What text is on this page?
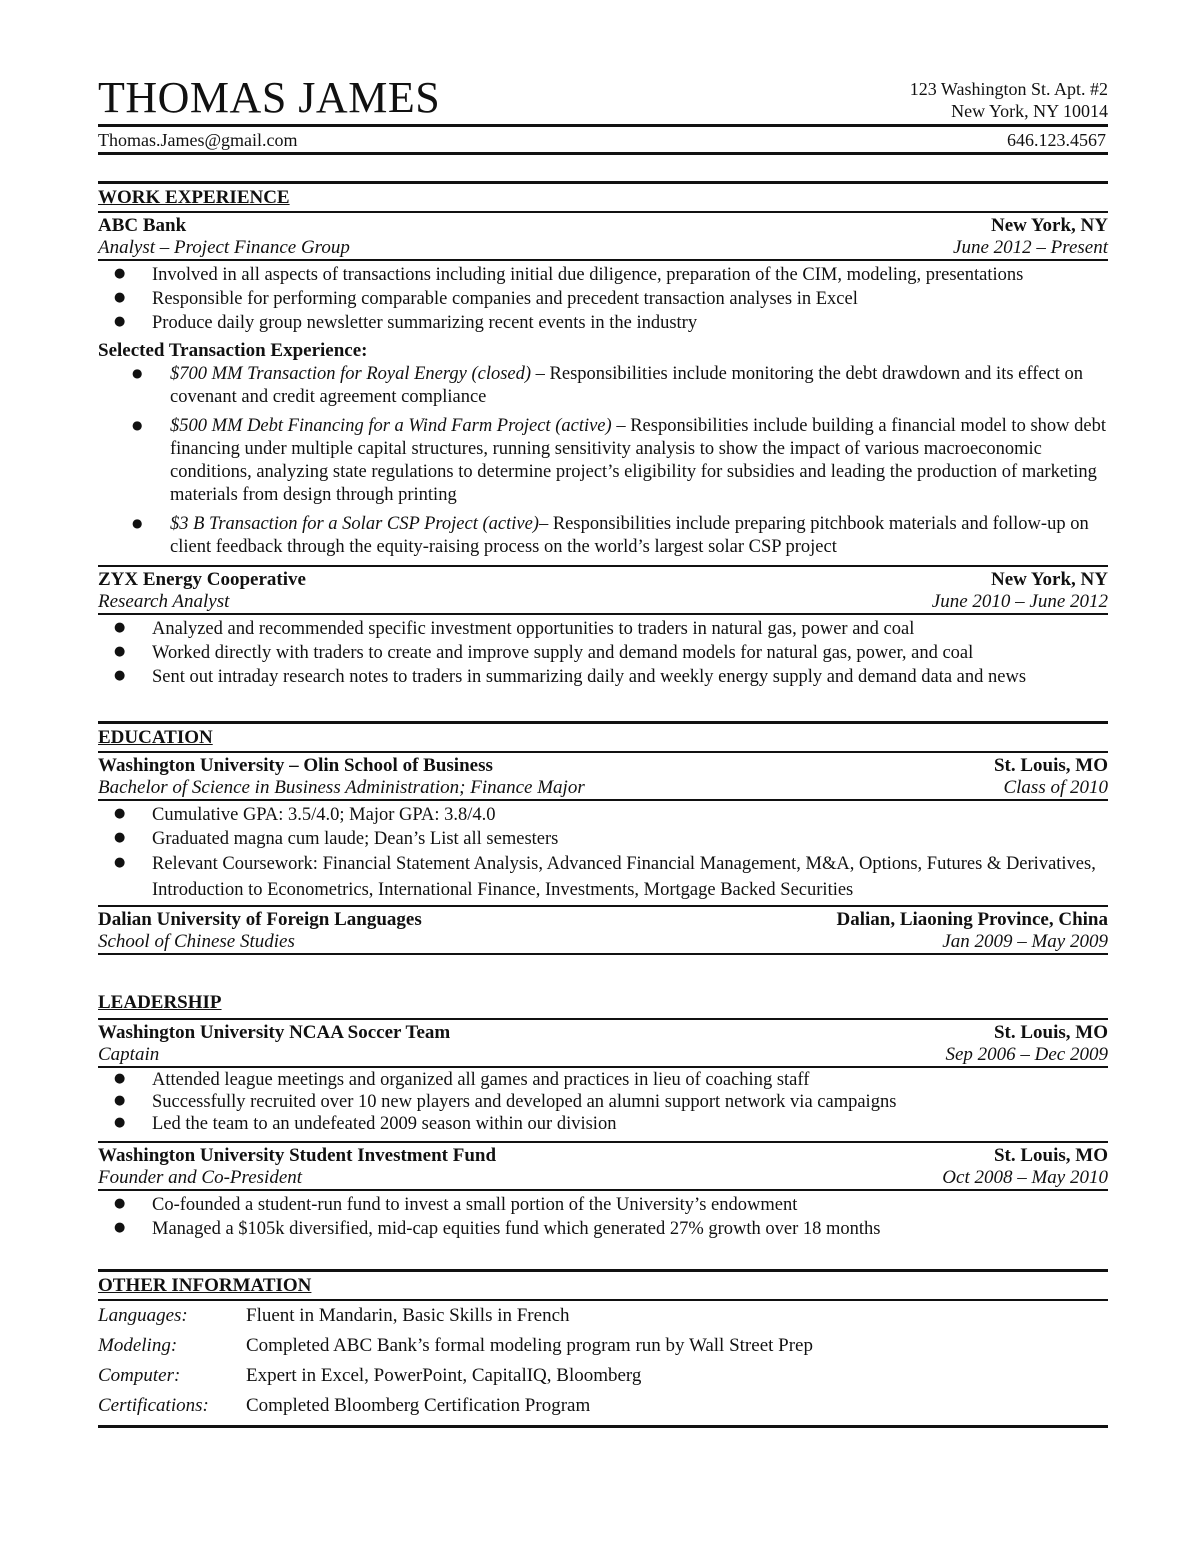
THOMAS JAMES	123 Washington St. Apt. #2
New York, NY 10014
Thomas.James@gmail.com	646.123.4567
WORK EXPERIENCE
ABC Bank	New York, NY
Analyst – Project Finance Group	June 2012 – Present
● Involved in all aspects of transactions including initial due diligence, preparation of the CIM, modeling, presentations
● Responsible for performing comparable companies and precedent transaction analyses in Excel
● Produce daily group newsletter summarizing recent events in the industry
Selected Transaction Experience:
● $700 MM Transaction for Royal Energy (closed) – Responsibilities include monitoring the debt drawdown and its effect on covenant and credit agreement compliance
● $500 MM Debt Financing for a Wind Farm Project (active) – Responsibilities include building a financial model to show debt financing under multiple capital structures, running sensitivity analysis to show the impact of various macroeconomic conditions, analyzing state regulations to determine project’s eligibility for subsidies and leading the production of marketing materials from design through printing
● $3 B Transaction for a Solar CSP Project (active)– Responsibilities include preparing pitchbook materials and follow-up on client feedback through the equity-raising process on the world’s largest solar CSP project
ZYX Energy Cooperative	New York, NY
Research Analyst	June 2010 – June 2012
● Analyzed and recommended specific investment opportunities to traders in natural gas, power and coal
● Worked directly with traders to create and improve supply and demand models for natural gas, power, and coal
● Sent out intraday research notes to traders in summarizing daily and weekly energy supply and demand data and news
EDUCATION
Washington University – Olin School of Business	St. Louis, MO
Bachelor of Science in Business Administration; Finance Major	Class of 2010
● Cumulative GPA: 3.5/4.0; Major GPA: 3.8/4.0
● Graduated magna cum laude; Dean’s List all semesters
● Relevant Coursework: Financial Statement Analysis, Advanced Financial Management, M&A, Options, Futures & Derivatives, Introduction to Econometrics, International Finance, Investments, Mortgage Backed Securities
Dalian University of Foreign Languages	Dalian, Liaoning Province, China
School of Chinese Studies	Jan 2009 – May 2009
LEADERSHIP
Washington University NCAA Soccer Team	St. Louis, MO
Captain	Sep 2006 – Dec 2009
● Attended league meetings and organized all games and practices in lieu of coaching staff
● Successfully recruited over 10 new players and developed an alumni support network via campaigns
● Led the team to an undefeated 2009 season within our division
Washington University Student Investment Fund	St. Louis, MO
Founder and Co-President	Oct 2008 – May 2010
● Co-founded a student-run fund to invest a small portion of the University’s endowment
● Managed a $105k diversified, mid-cap equities fund which generated 27% growth over 18 months
OTHER INFORMATION
Languages:	Fluent in Mandarin, Basic Skills in French
Modeling:	Completed ABC Bank’s formal modeling program run by Wall Street Prep
Computer:	Expert in Excel, PowerPoint, CapitalIQ, Bloomberg
Certifications:	Completed Bloomberg Certification Program
